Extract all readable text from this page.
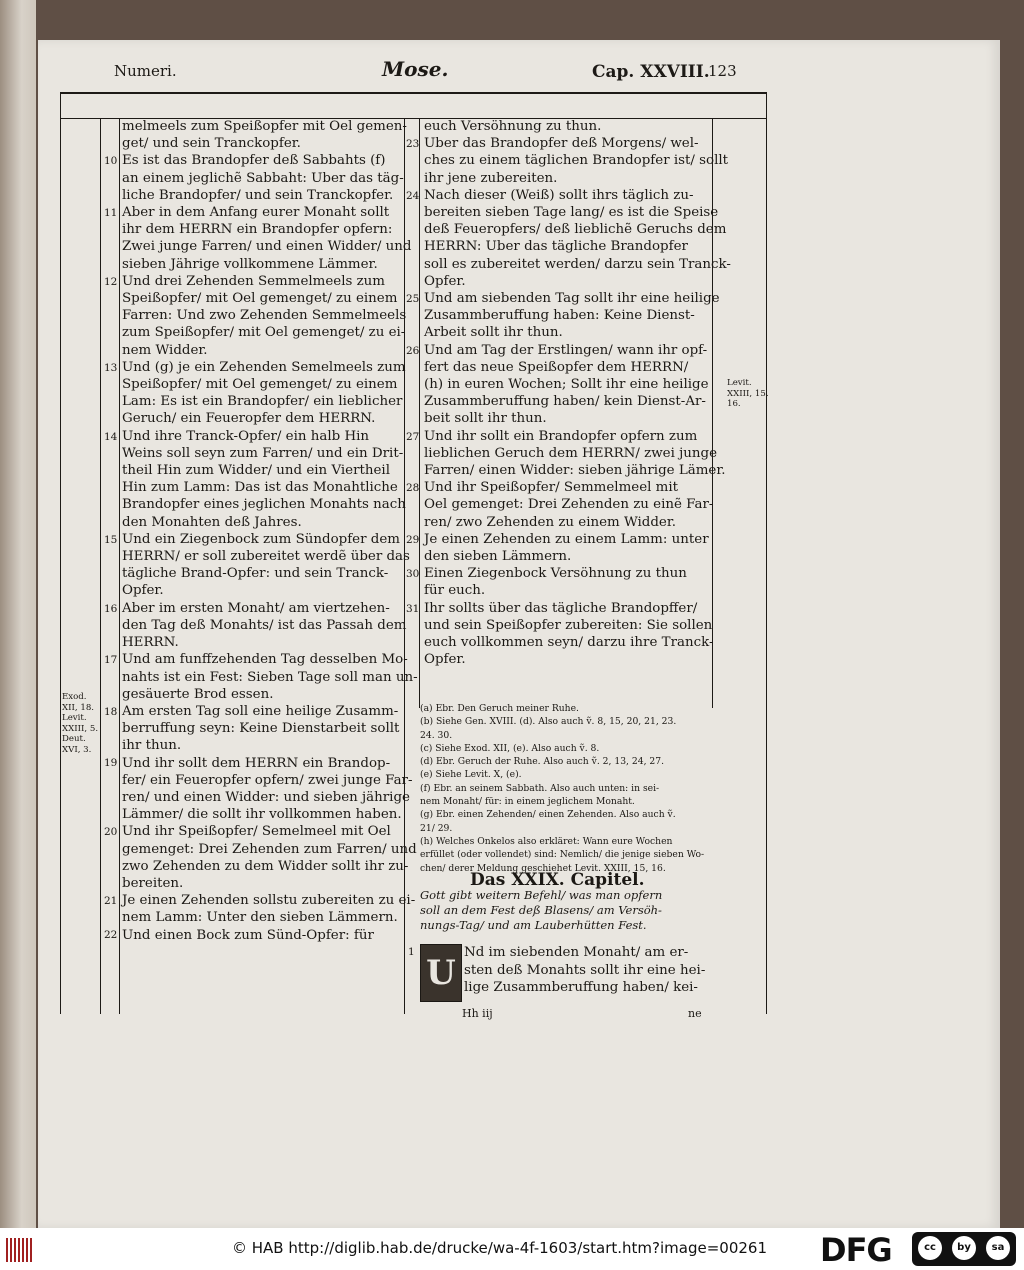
Numeri.	Mose.	Cap. XXVIII.
123

melmeels zum Speißopfer mit Oel gemen-

get/ und sein Tranckopfer.

Es ist das Brandopfer deß Sabbahts (f)

an einem jeglichẽ Sabbaht: Uber das täg-

liche Brandopfer/ und sein Tranckopfer.

Aber in dem Anfang eurer Monaht sollt

ihr dem HERRN ein Brandopfer opfern:

Zwei junge Farren/ und einen Widder/ und

sieben Jährige vollkommene Lämmer.

Und drei Zehenden Semmelmeels zum

Speißopfer/ mit Oel gemenget/ zu einem

Farren: Und zwo Zehenden Semmelmeels

zum Speißopfer/ mit Oel gemenget/ zu ei-

nem Widder.

Und (g) je ein Zehenden Semelmeels zum

Speißopfer/ mit Oel gemenget/ zu einem

Lam: Es ist ein Brandopfer/ ein lieblicher

Geruch/ ein Feueropfer dem HERRN.

Und ihre Tranck-Opfer/ ein halb Hin

Weins soll seyn zum Farren/ und ein Drit-

theil Hin zum Widder/ und ein Viertheil

Hin zum Lamm: Das ist das Monahtliche

Brandopfer eines jeglichen Monahts nach

den Monahten deß Jahres.

Und ein Ziegenbock zum Sündopfer dem

HERRN/ er soll zubereitet werdẽ über das

tägliche Brand-Opfer: und sein Tranck-

Opfer.

Aber im ersten Monaht/ am viertzehen-

den Tag deß Monahts/ ist das Passah dem

HERRN.

Und am funffzehenden Tag desselben Mo-

nahts ist ein Fest: Sieben Tage soll man un-

gesäuerte Brod essen.

Am ersten Tag soll eine heilige Zusamm-

berruffung seyn: Keine Dienstarbeit sollt

ihr thun.

Und ihr sollt dem HERRN ein Brandop-

fer/ ein Feueropfer opfern/ zwei junge Far-

ren/ und einen Widder: und sieben jährige

Lämmer/ die sollt ihr vollkommen haben.

Und ihr Speißopfer/ Semelmeel mit Oel

gemenget: Drei Zehenden zum Farren/ und

zwo Zehenden zu dem Widder sollt ihr zu-

bereiten.

Je einen Zehenden sollstu zubereiten zu ei-

nem Lamm: Unter den sieben Lämmern.

Und einen Bock zum Sünd-Opfer: für

10
11
12
13
14
15
16
17
18
19
20
21
22

euch Versöhnung zu thun.

Uber das Brandopfer deß Morgens/ wel-

ches zu einem täglichen Brandopfer ist/ sollt

ihr jene zubereiten.

Nach dieser (Weiß) sollt ihrs täglich zu-

bereiten sieben Tage lang/ es ist die Speise

deß Feueropfers/ deß lieblichẽ Geruchs dem

HERRN: Uber das tägliche Brandopfer

soll es zubereitet werden/ darzu sein Tranck-

Opfer.

Und am siebenden Tag sollt ihr eine heilige

Zusammberuffung haben: Keine Dienst-

Arbeit sollt ihr thun.

Und am Tag der Erstlingen/ wann ihr opf-

fert das neue Speißopfer dem HERRN/

(h) in euren Wochen; Sollt ihr eine heilige

Zusammberuffung haben/ kein Dienst-Ar-

beit sollt ihr thun.

Und ihr sollt ein Brandopfer opfern zum

lieblichen Geruch dem HERRN/ zwei junge

Farren/ einen Widder: sieben jährige Lämer.

Und ihr Speißopfer/ Semmelmeel mit

Oel gemenget: Drei Zehenden zu einẽ Far-

ren/ zwo Zehenden zu einem Widder.

Je einen Zehenden zu einem Lamm: unter

den sieben Lämmern.

Einen Ziegenbock Versöhnung zu thun

für euch.

Ihr sollts über das tägliche Brandopffer/

und sein Speißopfer zubereiten: Sie sollen

euch vollkommen seyn/ darzu ihre Tranck-

Opfer.

23
24
25
26
27
28
29
30
31
Exod.
XII, 18.
Levit.
XXIII, 5.
Deut.
XVI, 3.
Levit.
XXIII, 15.
16.

(a) Ebr. Den Geruch meiner Ruhe.

(b) Siehe Gen. XVIII. (d). Also auch ṽ. 8, 15, 20, 21, 23.

24. 30.

(c) Siehe Exod. XII, (e). Also auch ṽ. 8.

(d) Ebr. Geruch der Ruhe. Also auch ṽ. 2, 13, 24, 27.

(e) Siehe Levit. X, (e).

(f) Ebr. an seinem Sabbath. Also auch unten: in sei-

nem Monaht/ für: in einem jeglichem Monaht.

(g) Ebr. einen Zehenden/ einen Zehenden. Also auch ṽ.

21/ 29.

(h) Welches Onkelos also erkläret: Wann eure Wochen

erfüllet (oder vollendet) sind: Nemlich/ die jenige sieben Wo-

chen/ derer Meldung geschiehet Levit. XXIII, 15, 16.

Das XXIX. Capitel.

Gott gibt weitern Befehl/ was man opfern

soll an dem Fest deß Blasens/ am Versöh-

nungs-Tag/ und am Lauberhütten Fest.

1
U

Nd im siebenden Monaht/ am er-

sten deß Monahts sollt ihr eine hei-

lige Zusammberuffung haben/ kei-

Hh iij	ne
© HAB http://diglib.hab.de/drucke/wa-4f-1603/start.htm?image=00261 DFG	cc	by	sa
